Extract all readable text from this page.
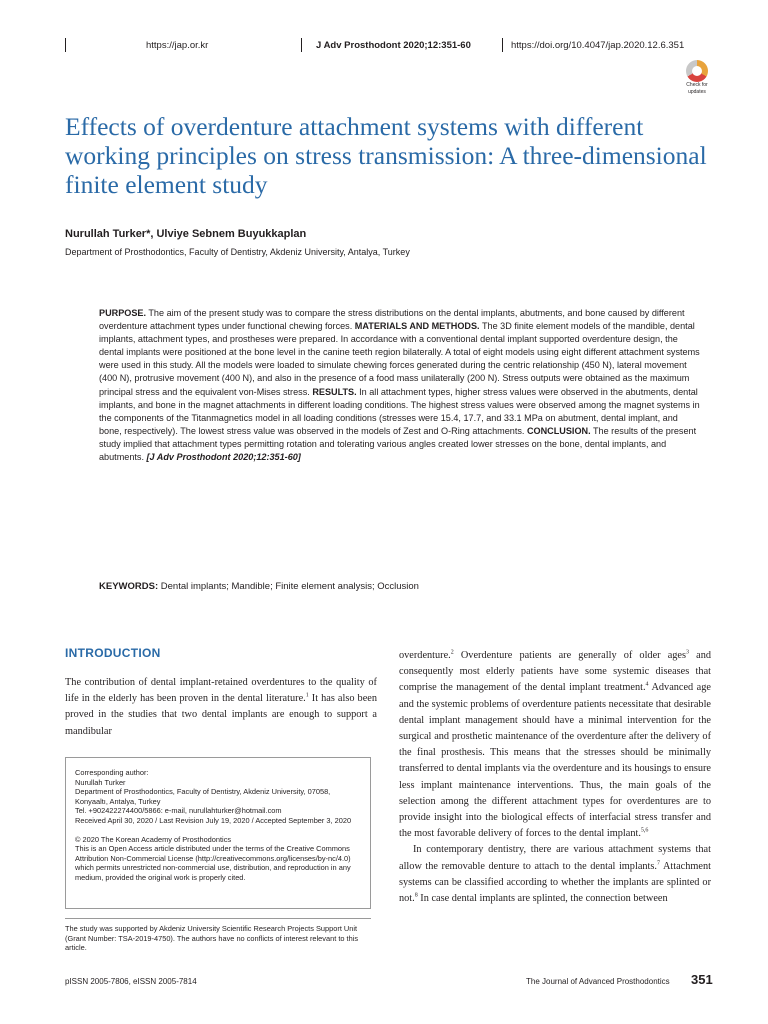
https://jap.or.kr	J Adv Prosthodont 2020;12:351-60	https://doi.org/10.4047/jap.2020.12.6.351
Check for
updates
Effects of overdenture attachment systems with different working principles on stress transmission: A three-dimensional finite element study
Nurullah Turker*, Ulviye Sebnem Buyukkaplan
Department of Prosthodontics, Faculty of Dentistry, Akdeniz University, Antalya, Turkey
PURPOSE. The aim of the present study was to compare the stress distributions on the dental implants, abutments, and bone caused by different overdenture attachment types under functional chewing forces. MATERIALS AND METHODS. The 3D finite element models of the mandible, dental implants, attachment types, and prostheses were prepared. In accordance with a conventional dental implant supported overdenture design, the dental implants were positioned at the bone level in the canine teeth region bilaterally. A total of eight models using eight different attachment systems were used in this study. All the models were loaded to simulate chewing forces generated during the centric relationship (450 N), lateral movement (400 N), protrusive movement (400 N), and also in the presence of a food mass unilaterally (200 N). Stress outputs were obtained as the maximum principal stress and the equivalent von-Mises stress. RESULTS. In all attachment types, higher stress values were observed in the abutments, dental implants, and bone in the magnet attachments in different loading conditions. The highest stress values were observed among the magnet systems in the components of the Titanmagnetics model in all loading conditions (stresses were 15.4, 17.7, and 33.1 MPa on abutment, dental implant, and bone, respectively). The lowest stress value was observed in the models of Zest and O-Ring attachments. CONCLUSION. The results of the present study implied that attachment types permitting rotation and tolerating various angles created lower stresses on the bone, dental implants, and abutments. [J Adv Prosthodont 2020;12:351-60]
KEYWORDS: Dental implants; Mandible; Finite element analysis; Occlusion
INTRODUCTION

The contribution of dental implant-retained overdentures to the quality of life in the elderly has been proven in the dental literature.$^1$ It has also been proved in the studies that two dental implants are enough to support a mandibular

overdenture.$^2$ Overdenture patients are generally of older ages$^3$ and consequently most elderly patients have some systemic diseases that comprise the management of the dental implant treatment.$^4$ Advanced age and the systemic problems of overdenture patients necessitate that desirable dental implant management should have a minimal intervention for the surgical and prosthetic maintenance of the overdenture after the delivery of the final prosthesis. This means that the stresses should be minimally transferred to dental implants via the overdenture and its housings to ensure less implant maintenance interventions. Thus, the main goals of the selection among the different attachment types for overdentures are to provide insight into the biological effects of interfacial stress transfer and the most favorable delivery of forces to the dental implant.$^{5,6}$

In contemporary dentistry, there are various attachment systems that allow the removable denture to attach to the dental implants.$^7$ Attachment systems can be classified according to whether the implants are splinted or not.$^8$ In case dental implants are splinted, the connection between

Corresponding author:

Nurullah Turker

Department of Prosthodontics, Faculty of Dentistry, Akdeniz University, 07058, Konyaaltı, Antalya, Turkey

Tel. +902422274400/5866: e-mail, nurullahturker@hotmail.com

Received April 30, 2020 / Last Revision July 19, 2020 / Accepted September 3, 2020

© 2020 The Korean Academy of Prosthodontics

This is an Open Access article distributed under the terms of the Creative Commons Attribution Non-Commercial License (http://creativecommons.org/licenses/by-nc/4.0) which permits unrestricted non-commercial use, distribution, and reproduction in any medium, provided the original work is properly cited.

The study was supported by Akdeniz University Scientific Research Projects Support Unit (Grant Number: TSA-2019-4750). The authors have no conflicts of interest relevant to this article.
pISSN 2005-7806, eISSN 2005-7814	The Journal of Advanced Prosthodontics 351
